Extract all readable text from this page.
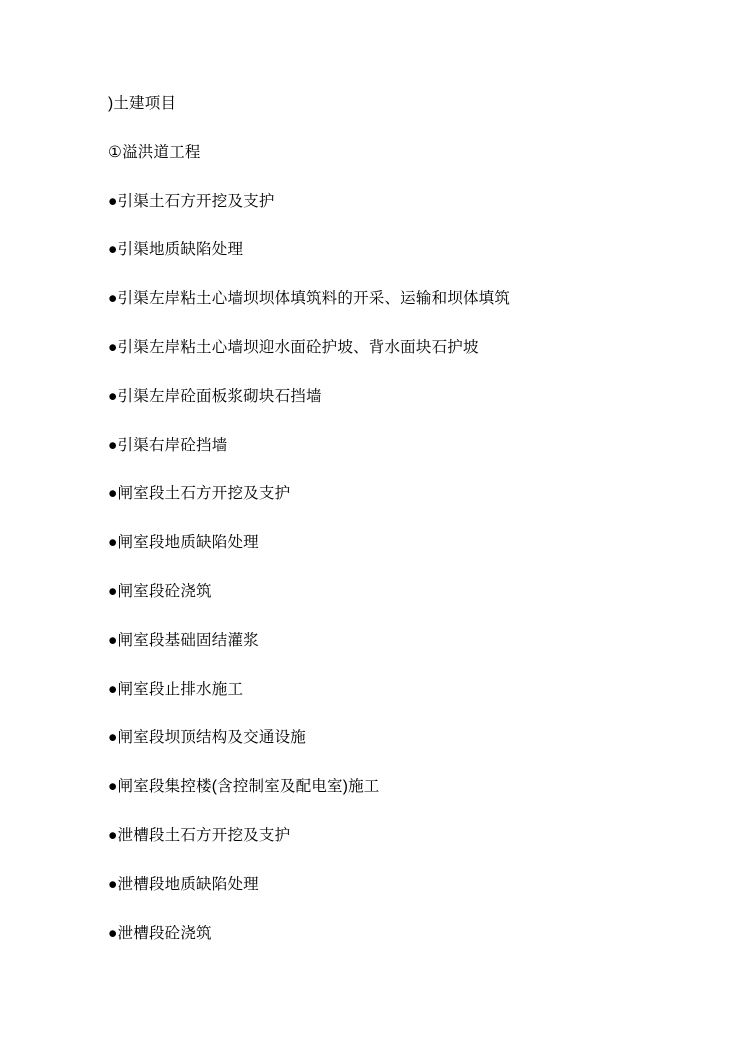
)土建项目

①溢洪道工程

●引渠土石方开挖及支护

●引渠地质缺陷处理

●引渠左岸粘土心墙坝坝体填筑料的开采、运输和坝体填筑

●引渠左岸粘土心墙坝迎水面砼护坡、背水面块石护坡

●引渠左岸砼面板浆砌块石挡墙

●引渠右岸砼挡墙

●闸室段土石方开挖及支护

●闸室段地质缺陷处理

●闸室段砼浇筑

●闸室段基础固结灌浆

●闸室段止排水施工

●闸室段坝顶结构及交通设施

●闸室段集控楼(含控制室及配电室)施工

●泄槽段土石方开挖及支护

●泄槽段地质缺陷处理

●泄槽段砼浇筑
